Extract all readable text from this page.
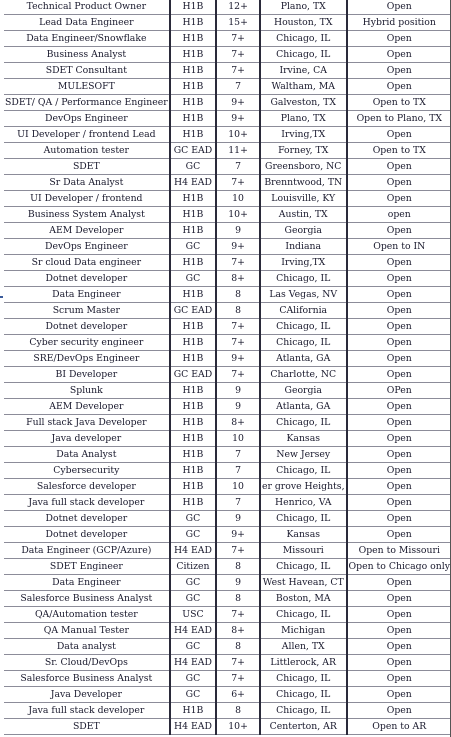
Technical Product Owner	H1B	12+	Plano, TX	Open
Lead Data Engineer	H1B	15+	Houston, TX	Hybrid position
Data Engineer/Snowflake	H1B	7+	Chicago, IL	Open
Business Analyst	H1B	7+	Chicago, IL	Open
SDET Consultant	H1B	7+	Irvine, CA	Open
MULESOFT	H1B	7	Waltham, MA	Open
SDET/ QA / Performance Engineer	H1B	9+	Galveston, TX	Open to TX
DevOps Engineer	H1B	9+	Plano, TX	Open to Plano, TX
UI Developer / frontend Lead	H1B	10+	Irving,TX	Open
Automation tester	GC EAD	11+	Forney, TX	Open to TX
SDET	GC	7	Greensboro, NC	Open
Sr Data Analyst	H4 EAD	7+	Brenntwood, TN	Open
UI Developer / frontend	H1B	10	Louisville, KY	Open
Business System Analyst	H1B	10+	Austin, TX	open
AEM Developer	H1B	9	Georgia	Open
DevOps Engineer	GC	9+	Indiana	Open to IN
Sr cloud Data engineer	H1B	7+	Irving,TX	Open
Dotnet developer	GC	8+	Chicago, IL	Open
Data Engineer	H1B	8	Las Vegas, NV	Open
Scrum Master	GC EAD	8	CAlifornia	Open
Dotnet developer	H1B	7+	Chicago, IL	Open
Cyber security engineer	H1B	7+	Chicago, IL	Open
SRE/DevOps Engineer	H1B	9+	Atlanta, GA	Open
BI Developer	GC EAD	7+	Charlotte, NC	Open
Splunk	H1B	9	Georgia	OPen
AEM Developer	H1B	9	Atlanta, GA	Open
Full stack Java Developer	H1B	8+	Chicago, IL	Open
Java developer	H1B	10	Kansas	Open
Data Analyst	H1B	7	New Jersey	Open
Cybersecurity	H1B	7	Chicago, IL	Open
Salesforce developer	H1B	10	er grove Heights,	Open
Java full stack developer	H1B	7	Henrico, VA	Open
Dotnet developer	GC	9	Chicago, IL	Open
Dotnet developer	GC	9+	Kansas	Open
Data Engineer (GCP/Azure)	H4 EAD	7+	Missouri	Open to Missouri
SDET Engineer	Citizen	8	Chicago, IL	Open to Chicago only
Data Engineer	GC	9	West Havean, CT	Open
Salesforce Business Analyst	GC	8	Boston, MA	Open
QA/Automation tester	USC	7+	Chicago, IL	Open
QA Manual Tester	H4 EAD	8+	Michigan	Open
Data analyst	GC	8	Allen, TX	Open
Sr. Cloud/DevOps	H4 EAD	7+	Littlerock, AR	Open
Salesforce Business Analyst	GC	7+	Chicago, IL	Open
Java Developer	GC	6+	Chicago, IL	Open
Java full stack developer	H1B	8	Chicago, IL	Open
SDET	H4 EAD	10+	Centerton, AR	Open to AR
